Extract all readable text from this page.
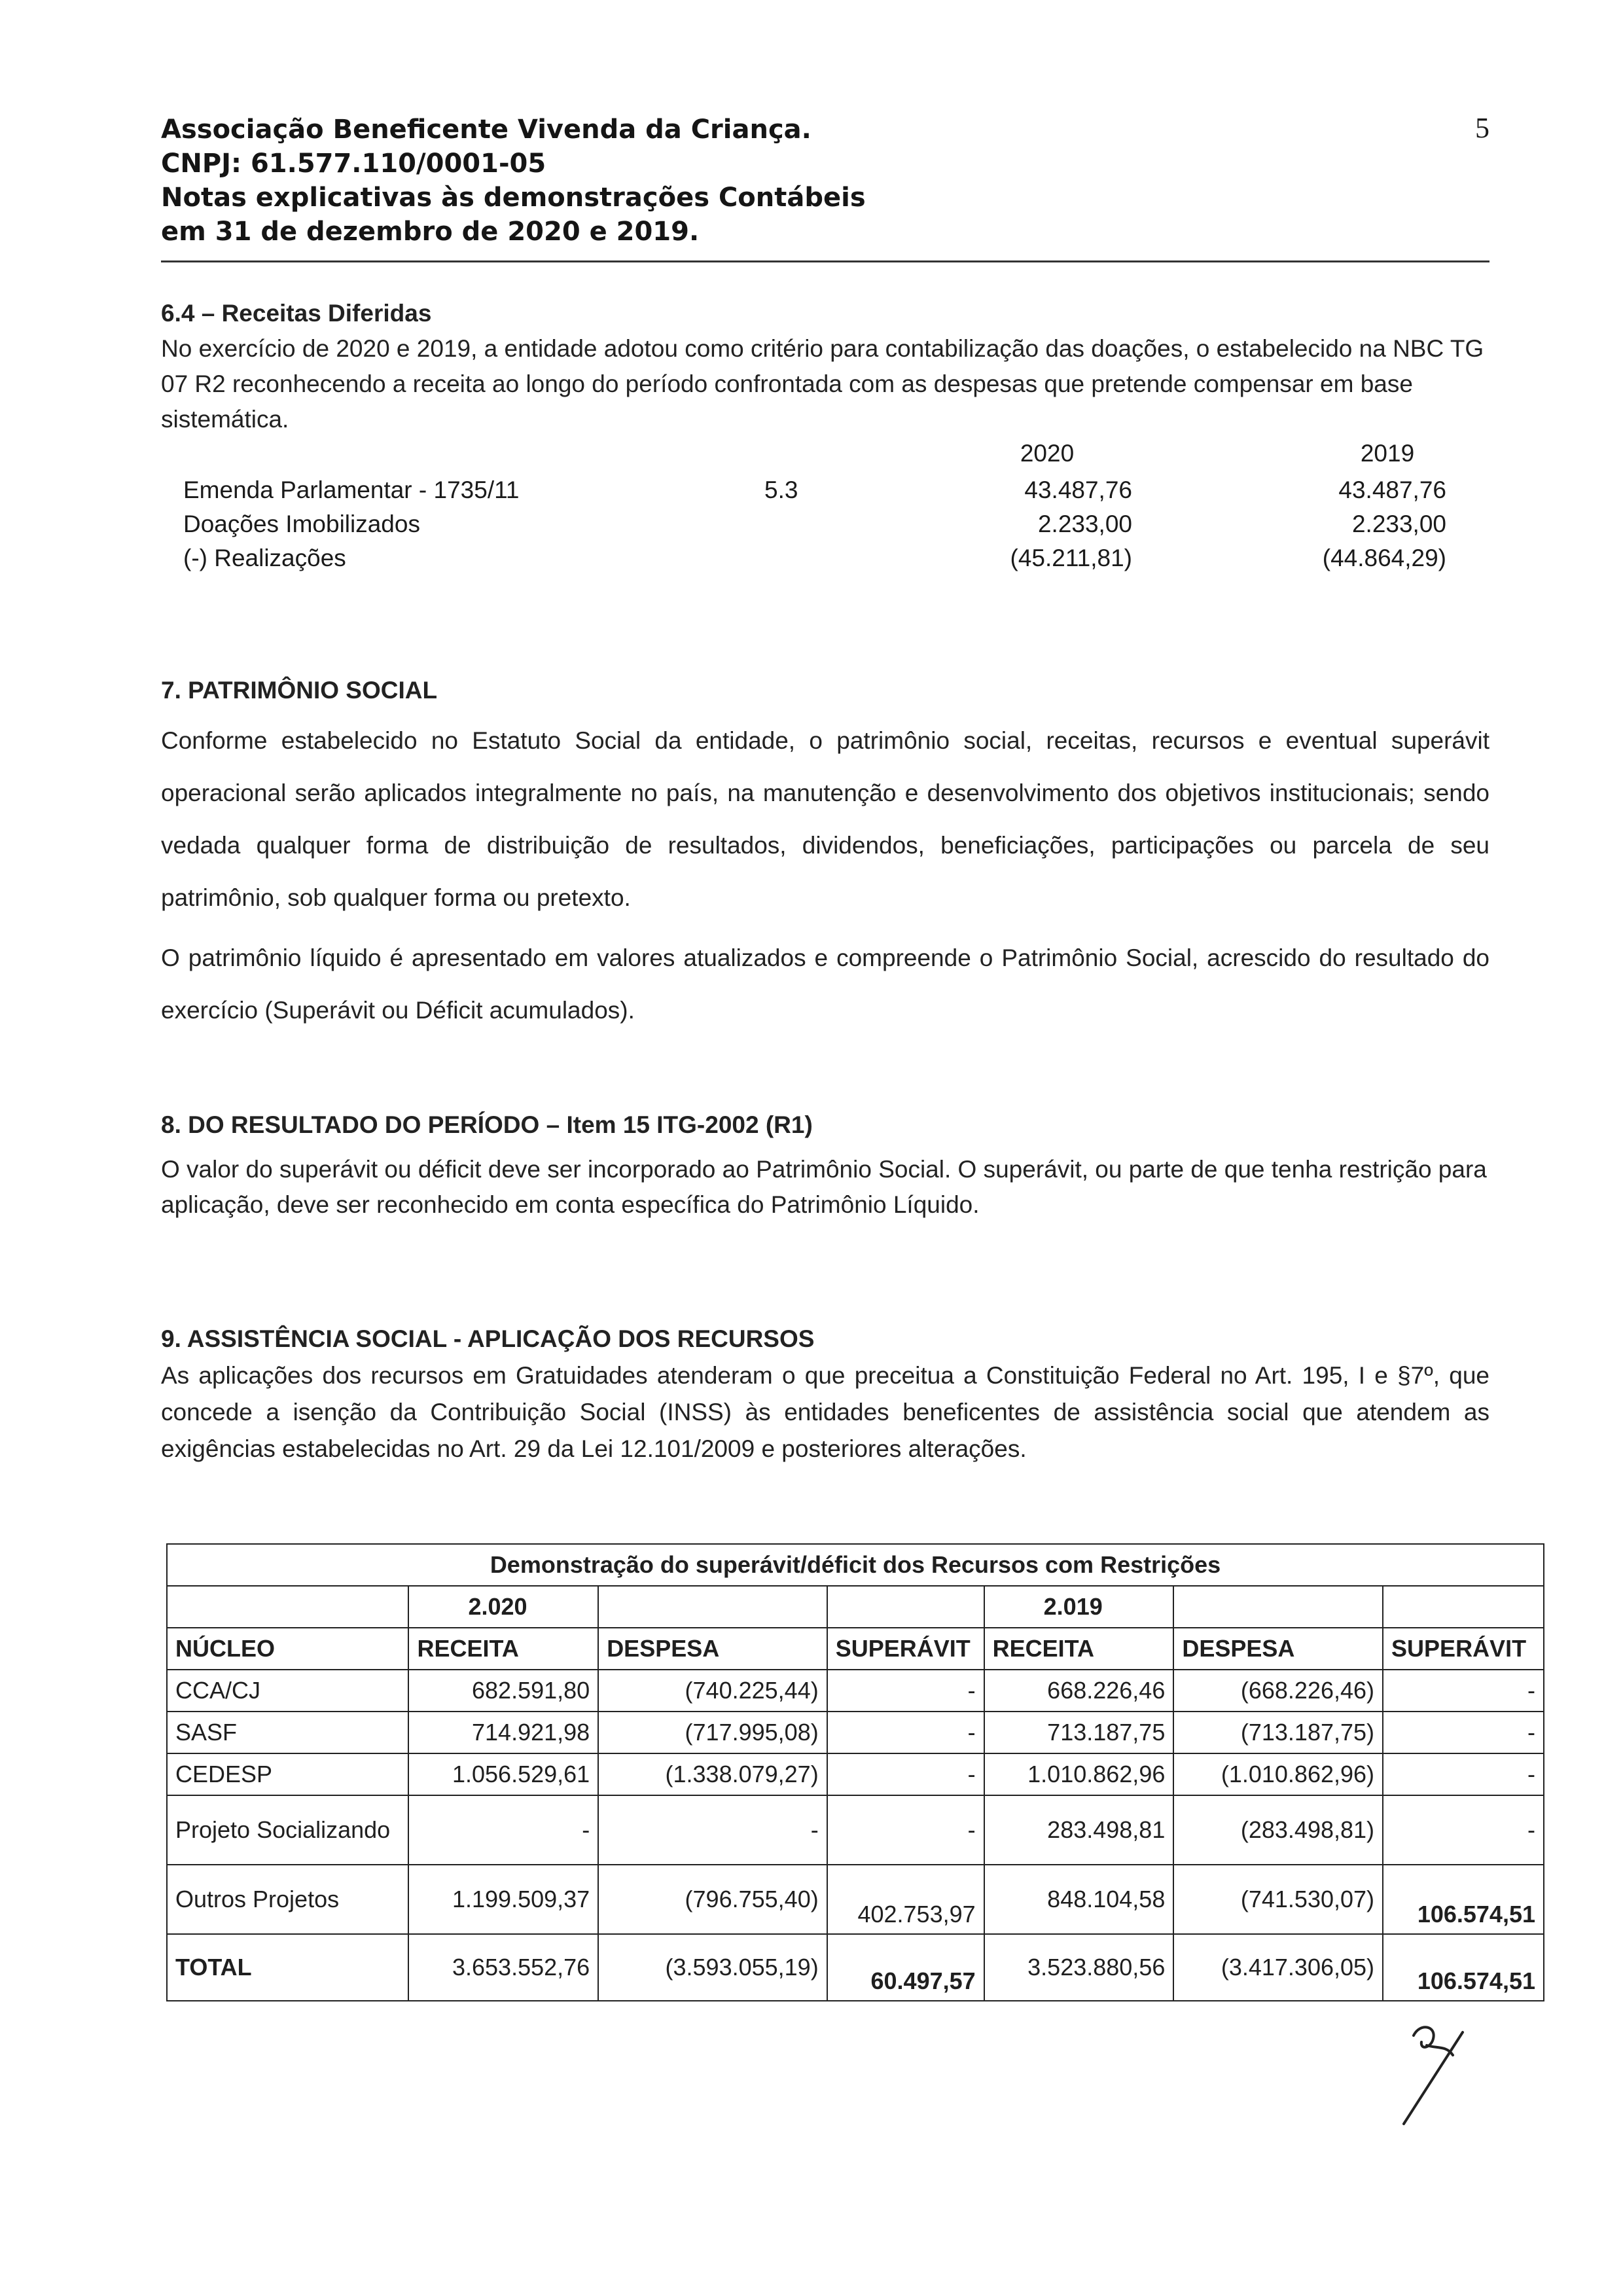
Associação Beneficente Vivenda da Criança.
CNPJ: 61.577.110/0001-05
Notas explicativas às demonstrações Contábeis
em 31 de dezembro de 2020 e 2019.
5
6.4 – Receitas Diferidas

No exercício de 2020 e 2019, a entidade adotou como critério para contabilização das doações, o estabelecido na NBC TG 07 R2 reconhecendo a receita ao longo do período confrontada com as despesas que pretende compensar em base sistemática.

2020	2019
Emenda Parlamentar - 1735/11	5.3	43.487,76	43.487,76
Doações Imobilizados	2.233,00	2.233,00
(-) Realizações	(45.211,81)	(44.864,29)
7. PATRIMÔNIO SOCIAL

Conforme estabelecido no Estatuto Social da entidade, o patrimônio social, receitas, recursos e eventual superávit operacional serão aplicados integralmente no país, na manutenção e desenvolvimento dos objetivos institucionais; sendo vedada qualquer forma de distribuição de resultados, dividendos, beneficiações, participações ou parcela de seu patrimônio, sob qualquer forma ou pretexto.

O patrimônio líquido é apresentado em valores atualizados e compreende o Patrimônio Social, acrescido do resultado do exercício (Superávit ou Déficit acumulados).

8. DO RESULTADO DO PERÍODO – Item 15 ITG-2002 (R1)

O valor do superávit ou déficit deve ser incorporado ao Patrimônio Social. O superávit, ou parte de que tenha restrição para aplicação, deve ser reconhecido em conta específica do Patrimônio Líquido.

9. ASSISTÊNCIA SOCIAL - APLICAÇÃO DOS RECURSOS

As aplicações dos recursos em Gratuidades atenderam o que preceitua a Constituição Federal no Art. 195, I e §7º, que concede a isenção da Contribuição Social (INSS) às entidades beneficentes de assistência social que atendem as exigências estabelecidas no Art. 29 da Lei 12.101/2009 e posteriores alterações.

Demonstração do superávit/déficit dos Recursos com Restrições						
	2.020			2.019		
NÚCLEO	RECEITA	DESPESA	SUPERÁVIT	RECEITA	DESPESA	SUPERÁVIT
CCA/CJ	682.591,80	(740.225,44)	-	668.226,46	(668.226,46)	-
SASF	714.921,98	(717.995,08)	-	713.187,75	(713.187,75)	-
CEDESP	1.056.529,61	(1.338.079,27)	-	1.010.862,96	(1.010.862,96)	-
Projeto Socializando	-	-	-	283.498,81	(283.498,81)	-
Outros Projetos	1.199.509,37	(796.755,40)	402.753,97	848.104,58	(741.530,07)	106.574,51
TOTAL	3.653.552,76	(3.593.055,19)	60.497,57	3.523.880,56	(3.417.306,05)	106.574,51
